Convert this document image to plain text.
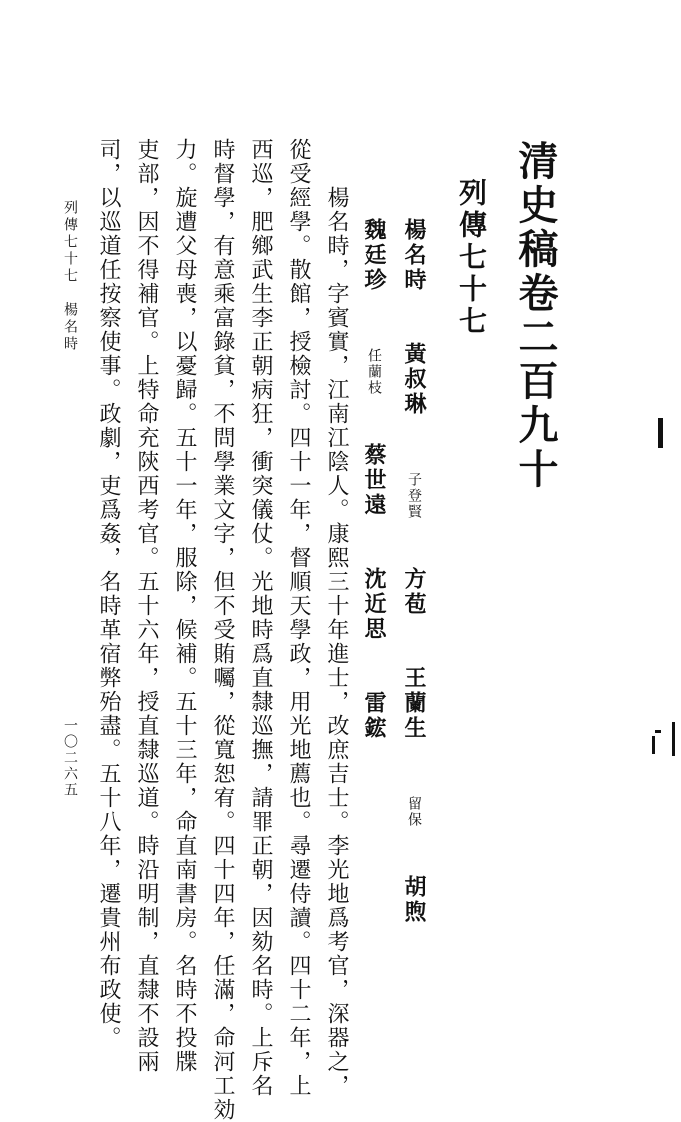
清史稿卷二百九十
列傳七十七
楊名時 黃叔琳 子登賢 方苞 王蘭生 留保 胡煦
魏廷珍 任蘭枝 蔡世遠 沈近思 雷鋐
楊名時，字賓實，江南江陰人。康熙三十年進士，改庶吉士。李光地爲考官，深器之，
從受經學。散館，授檢討。四十一年，督順天學政，用光地薦也。尋遷侍讀。四十二年，上
西巡，肥鄉武生李正朝病狂，衝突儀仗。光地時爲直隸巡撫，請罪正朝，因劾名時。上斥名
時督學，有意乘富錄貧，不問學業文字，但不受賄囑，從寬恕宥。四十四年，任滿，命河工効
力。旋遭父母喪，以憂歸。五十一年，服除，候補。五十三年，命直南書房。名時不投牒
吏部，因不得補官。上特命充陝西考官。五十六年，授直隸巡道。時沿明制，直隸不設兩
司，以巡道任按察使事。政劇，吏爲姦，名時革宿弊殆盡。五十八年，遷貴州布政使。
列傳七十七　楊名時
一〇二六五
